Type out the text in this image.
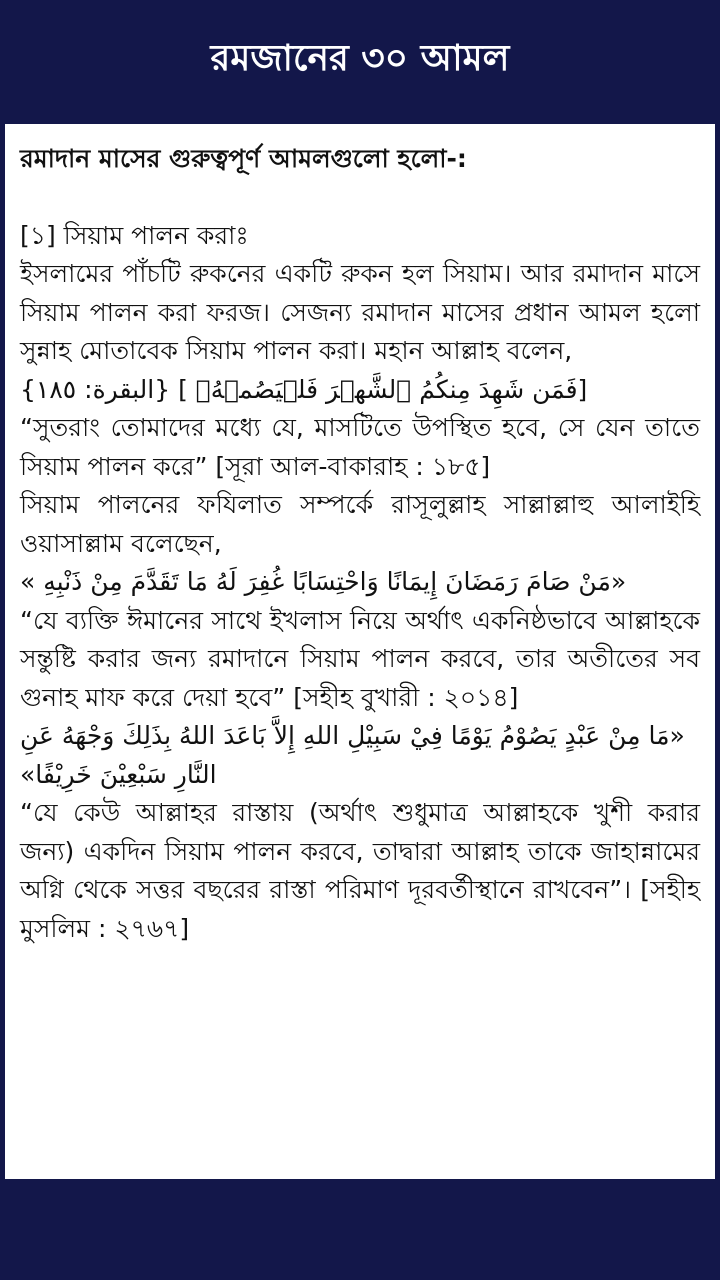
রমজানের ৩০ আমল
রমাদান মাসের গুরুত্বপূর্ণ আমলগুলো হলো-:
[১] সিয়াম পালন করাঃ
ইসলামের পাঁচটি রুকনের একটি রুকন হল সিয়াম। আর রমাদান মাসে সিয়াম পালন করা ফরজ। সেজন্য রমাদান মাসের প্রধান আমল হলো সুন্নাহ মোতাবেক সিয়াম পালন করা। মহান আল্লাহ বলেন,
[فَمَن شَهِدَ مِنكُمُ ٱلشَّهۡرَ فَلۡيَصُمۡهُۖ ] {البقرة: ١٨٥}
“সুতরাং তোমাদের মধ্যে যে, মাসটিতে উপস্থিত হবে, সে যেন তাতে সিয়াম পালন করে” [সূরা আল-বাকারাহ : ১৮৫]
সিয়াম পালনের ফযিলাত সম্পর্কে রাসূলুল্লাহ সাল্লাল্লাহু আলাইহি ওয়াসাল্লাম বলেছেন,
«مَنْ صَامَ رَمَضَانَ إِيمَانًا وَاحْتِسَابًا غُفِرَ لَهُ مَا تَقَدَّمَ مِنْ ذَنْبِهِ »
“যে ব্যক্তি ঈমানের সাথে ইখলাস নিয়ে অর্থাৎ একনিষ্ঠভাবে আল্লাহকে সন্তুষ্টি করার জন্য রমাদানে সিয়াম পালন করবে, তার অতীতের সব গুনাহ মাফ করে দেয়া হবে” [সহীহ বুখারী : ২০১৪]
«مَا مِنْ عَبْدٍ يَصُوْمُ يَوْمًا فِيْ سَبِيْلِ اللهِ إِلاَّ بَاعَدَ اللهُ بِذَلِكَ وَجْهَهُ عَنِ النَّارِ سَبْعِيْنَ خَرِيْفًا»
“যে কেউ আল্লাহর রাস্তায় (অর্থাৎ শুধুমাত্র আল্লাহকে খুশী করার জন্য) একদিন সিয়াম পালন করবে, তাদ্বারা আল্লাহ তাকে জাহান্নামের অগ্নি থেকে সত্তর বছরের রাস্তা পরিমাণ দূরবর্তীস্থানে রাখবেন”। [সহীহ মুসলিম : ২৭৬৭]
